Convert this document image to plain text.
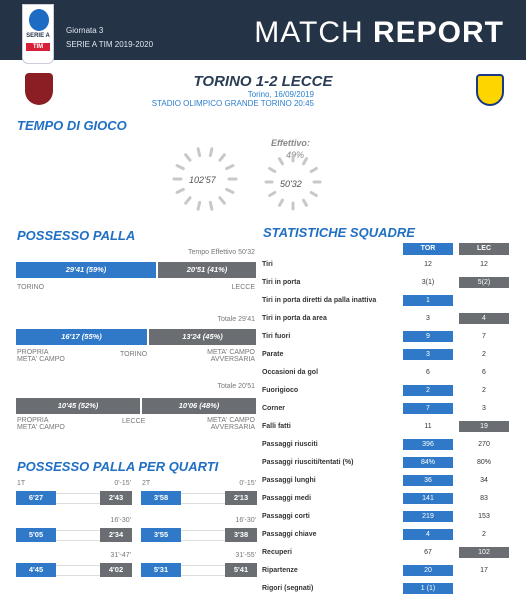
Giornata 3
SERIE A TIM 2019-2020	MATCH REPORT
SERIE A
TIM
TORINO 1-2 LECCE
Torino, 16/09/2019
STADIO OLIMPICO GRANDE TORINO 20:45
TEMPO DI GIOCO
102'57
Effettivo:
49%
50'32
POSSESSO PALLA
Tempo Effettivo 50'32
29'41 (59%)	20'51 (41%)
TORINO	LECCE
Totale 29'41
16'17 (55%)	13'24 (45%)
PROPRIA
META' CAMPO
TORINO	META' CAMPO
AVVERSARIA
Totale 20'51
10'45 (52%)	10'06 (48%)
PROPRIA
META' CAMPO
LECCE	META' CAMPO
AVVERSARIA
POSSESSO PALLA PER QUARTI
1T	0'-15'
6'27	2'43
2T	0'-15'
3'58	2'13
16'-30'
5'05	2'34
16'-30'
3'55	3'38
31'-47'
4'45	4'02
31'-55'
5'31	5'41
STATISTICHE SQUADRE
TOR	LEC
Tiri	12	12
Tiri in porta	3(1)	5(2)
Tiri in porta diretti da palla inattiva	1
Tiri in porta da area	3	4
Tiri fuori	9	7
Parate	3	2
Occasioni da gol	6	6
Fuorigioco	2	2
Corner	7	3
Falli fatti	11	19
Passaggi riusciti	396	270
Passaggi riusciti/tentati (%)	84%	80%
Passaggi lunghi	36	34
Passaggi medi	141	83
Passaggi corti	219	153
Passaggi chiave	4	2
Recuperi	67	102
Ripartenze	20	17
Rigori (segnati)	1 (1)
